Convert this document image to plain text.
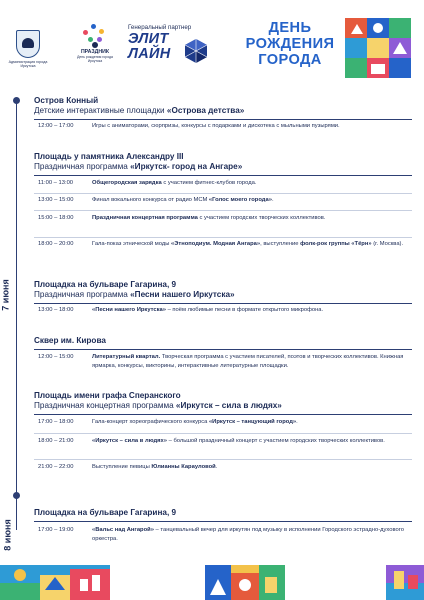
Администрация города Иркутска
ПРАЗДНИК
День рождения города Иркутска
Генеральный партнер
ЭЛИТ
ЛАЙН
ДЕНЬ
РОЖДЕНИЯ
ГОРОДА
7 июня
8 июня
Остров Конный
Детские интерактивные площадки «Острова детства»
12:00 – 17:00	Игры с аниматорами, сюрпризы, конкурсы с подарками и дискотека с мыльными пузырями.
Площадь у памятника Александру III
Праздничная программа «Иркутск- город на Ангаре»
11:00 – 13:00	Общегородская зарядка с участием фитнес-клубов города.
13:00 – 15:00	Финал вокального конкурса от радио МСМ «Голос моего города».
15:00 – 18:00	Праздничная концертная программа с участием городских творческих коллективов.
18:00 – 20:00	Гала-показ этнической моды «Этноподиум. Модная Ангара», выступление фолк-рок группы «Тёрн» (г. Москва).
Площадка на бульваре Гагарина, 9
Праздничная программа «Песни нашего Иркутска»
13:00 – 18:00	«Песни нашего Иркутска» – поём любимые песни в формате открытого микрофона.
Сквер им. Кирова
12:00 – 15:00	Литературный квартал. Творческая программа с участием писателей, поэтов и творческих коллективов. Книжная ярмарка, конкурсы, викторины, интерактивные литературные площадки.
Площадь имени графа Сперанского
Праздничная концертная программа «Иркутск – сила в людях»
17:00 – 18:00	Гала-концерт хореографического конкурса «Иркутск – танцующий город».
18:00 – 21:00	«Иркутск – сила в людях» – большой праздничный концерт с участием городских творческих коллективов.
21:00 – 22:00	Выступление певицы Юлианны Карауловой.
Площадка на бульваре Гагарина, 9
17:00 – 19:00	«Вальс над Ангарой» – танцевальный вечер для иркутян под музыку в исполнении Городского эстрадно-духового оркестра.
